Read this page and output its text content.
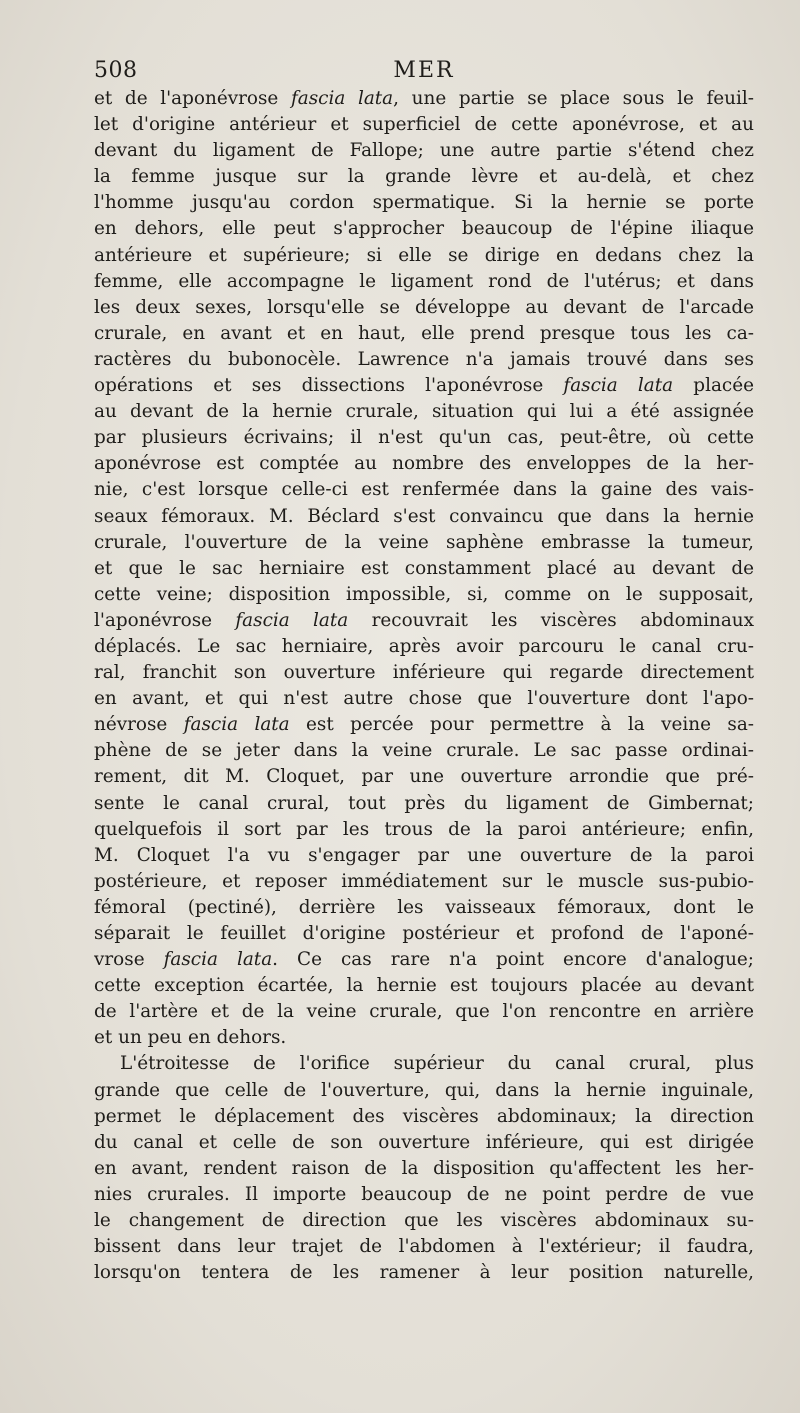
508	MER
et de l'aponévrose fascia lata, une partie se place sous le feuil-
let d'origine antérieur et superficiel de cette aponévrose, et au
devant du ligament de Fallope; une autre partie s'étend chez
la femme jusque sur la grande lèvre et au-delà, et chez
l'homme jusqu'au cordon spermatique. Si la hernie se porte
en dehors, elle peut s'approcher beaucoup de l'épine iliaque
antérieure et supérieure; si elle se dirige en dedans chez la
femme, elle accompagne le ligament rond de l'utérus; et dans
les deux sexes, lorsqu'elle se développe au devant de l'arcade
crurale, en avant et en haut, elle prend presque tous les ca-
ractères du bubonocèle. Lawrence n'a jamais trouvé dans ses
opérations et ses dissections l'aponévrose fascia lata placée
au devant de la hernie crurale, situation qui lui a été assignée
par plusieurs écrivains; il n'est qu'un cas, peut-être, où cette
aponévrose est comptée au nombre des enveloppes de la her-
nie, c'est lorsque celle-ci est renfermée dans la gaine des vais-
seaux fémoraux. M. Béclard s'est convaincu que dans la hernie
crurale, l'ouverture de la veine saphène embrasse la tumeur,
et que le sac herniaire est constamment placé au devant de
cette veine; disposition impossible, si, comme on le supposait,
l'aponévrose fascia lata recouvrait les viscères abdominaux
déplacés. Le sac herniaire, après avoir parcouru le canal cru-
ral, franchit son ouverture inférieure qui regarde directement
en avant, et qui n'est autre chose que l'ouverture dont l'apo-
névrose fascia lata est percée pour permettre à la veine sa-
phène de se jeter dans la veine crurale. Le sac passe ordinai-
rement, dit M. Cloquet, par une ouverture arrondie que pré-
sente le canal crural, tout près du ligament de Gimbernat;
quelquefois il sort par les trous de la paroi antérieure; enfin,
M. Cloquet l'a vu s'engager par une ouverture de la paroi
postérieure, et reposer immédiatement sur le muscle sus-pubio-
fémoral (pectiné), derrière les vaisseaux fémoraux, dont le
séparait le feuillet d'origine postérieur et profond de l'aponé-
vrose fascia lata. Ce cas rare n'a point encore d'analogue;
cette exception écartée, la hernie est toujours placée au devant
de l'artère et de la veine crurale, que l'on rencontre en arrière
et un peu en dehors.
L'étroitesse de l'orifice supérieur du canal crural, plus
grande que celle de l'ouverture, qui, dans la hernie inguinale,
permet le déplacement des viscères abdominaux; la direction
du canal et celle de son ouverture inférieure, qui est dirigée
en avant, rendent raison de la disposition qu'affectent les her-
nies crurales. Il importe beaucoup de ne point perdre de vue
le changement de direction que les viscères abdominaux su-
bissent dans leur trajet de l'abdomen à l'extérieur; il faudra,
lorsqu'on tentera de les ramener à leur position naturelle,
